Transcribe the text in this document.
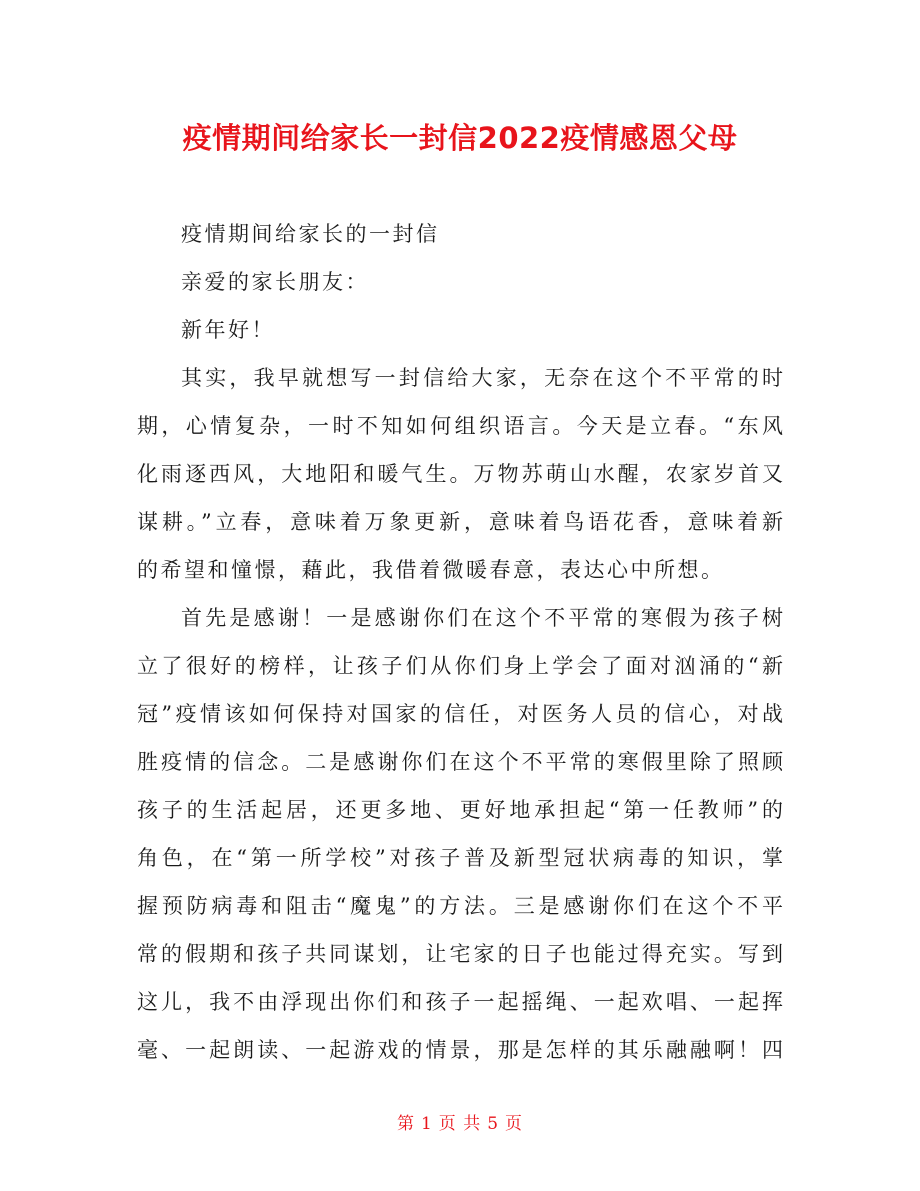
疫情期间给家长一封信2022疫情感恩父母

疫情期间给家长的一封信

亲爱的家长朋友：

新年好！

其实，我早就想写一封信给大家，无奈在这个不平常的时

期，心情复杂，一时不知如何组织语言。今天是立春。“东风

化雨逐西风，大地阳和暖气生。万物苏萌山水醒，农家岁首又

谋耕。”立春，意味着万象更新，意味着鸟语花香，意味着新

的希望和憧憬，藉此，我借着微暖春意，表达心中所想。

首先是感谢！一是感谢你们在这个不平常的寒假为孩子树

立了很好的榜样，让孩子们从你们身上学会了面对汹涌的“新

冠”疫情该如何保持对国家的信任，对医务人员的信心，对战

胜疫情的信念。二是感谢你们在这个不平常的寒假里除了照顾

孩子的生活起居，还更多地、更好地承担起“第一任教师”的

角色，在“第一所学校”对孩子普及新型冠状病毒的知识，掌

握预防病毒和阻击“魔鬼”的方法。三是感谢你们在这个不平

常的假期和孩子共同谋划，让宅家的日子也能过得充实。写到

这儿，我不由浮现出你们和孩子一起摇绳、一起欢唱、一起挥

毫、一起朗读、一起游戏的情景，那是怎样的其乐融融啊！四

第 1 页 共 5 页
